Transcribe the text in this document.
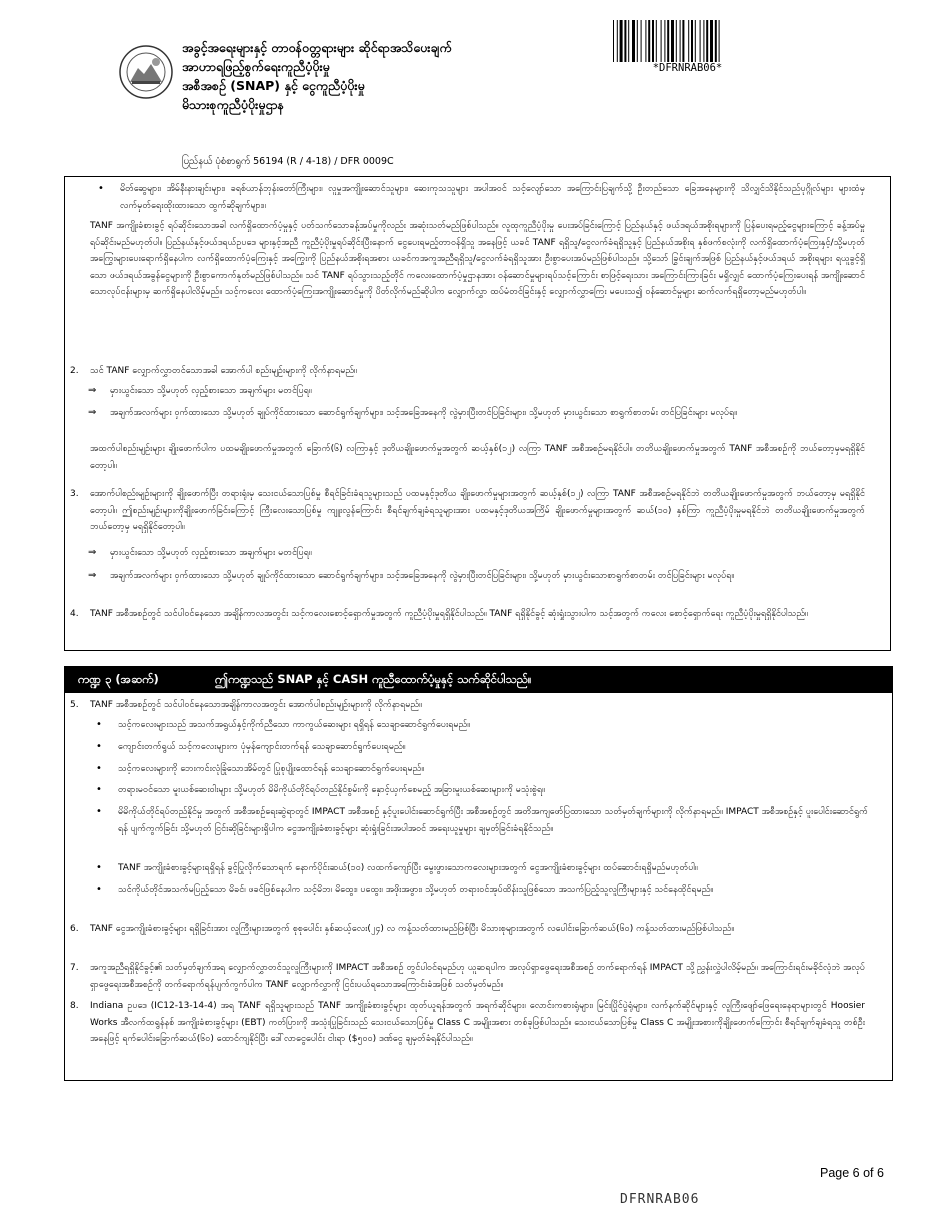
အခွင့်အရေးများနှင့် တာဝန်ဝတ္တရားများ ဆိုင်ရာအသိပေးချက်
အာဟာရဖြည့်စွက်ရေးကူညီပံ့ပိုးမှု
အစီအစဉ် (SNAP) နှင့် ငွေကူညီပံ့ပိုးမှု
မိသားစုကူညီပံ့ပိုးမှုဌာန
ပြည်နယ် ပုံစံစာရွက် 56194 (R / 4-18) / DFR 0009C
*DFRNRAB06*
• မိတ်ဆွေများ၊ အိမ်နီးနားချင်းများ၊ ခရစ်ယာန်ဘုန်းတော်ကြီးများ၊ လူမှုအကျိုးဆောင်သူများ၊ ဆေးကုသသူများ အပါအဝင် သင့်လျော်သော အကြောင်းပြချက်သို့ ဦးတည်သော ခြေအနေများကို သိလျှင်သိနိုင်သည်ပုဂ္ဂိုလ်များ များထံမှ လက်မှတ်ရေးထိုးထားသော ထွက်ဆိုချက်များ။
TANF အကျိုးခံစားခွင့် ရပ်ဆိုင်းသောအခါ လက်ရှိထောက်ပံ့မှုနှင့် ပတ်သက်သောခန့်အပ်မှုကိုလည်း အဆုံးသတ်မည်ဖြစ်ပါသည်။ လူထုကူညီပံ့ပိုးမှု ပေးအပ်ခြင်းကြောင့် ပြည်နယ်နှင့် ဖယ်ဒရယ်အစိုးရများကို ပြန်ပေးရမည့်ငွေများကြောင့် ခန့်အပ်မှုရပ်ဆိုင်းမည်မဟုတ်ပါ။ ပြည်နယ်နှင့်ဖယ်ဒရယ်ဥပဒေ များနှင့်အညီ ကူညီပံ့ပိုးမှုရပ်ဆိုင်းပြီးနောက် ငွေပေးရမည့်တာဝန်ရှိသူ အနေဖြင့် ယခင် TANF ရရှိသူ/ငွေလက်ခံရရှိသူနှင့် ပြည်နယ်အစိုးရ နှစ်ဖက်စလုံးကို လက်ရှိထောက်ပံ့ကြေးနှင့်/သို့မဟုတ် အကြွေးများပေးရောက်ရှိနေပါက လက်ရှိထောက်ပံ့ကြေးနှင့် အကြွေးကို ပြည်နယ်အစိုးရအစား ယခင်ကအကူအညီရရှိသူ/ငွေလက်ခံရရှိသူအား ဦးစွာပေးအပ်မည်ဖြစ်ပါသည်။ သို့သော် ခြွင်းချက်အဖြစ် ပြည်နယ်နှင့်ဖယ်ဒရယ် အစိုးရများ ရယူခွင့်ရှိသော ဖယ်ဒရယ်အခွန်ငွေများကို ဦးစွာကောက်နုတ်မည်ဖြစ်ပါသည်။ သင် TANF ရပ်သွားသည့်တိုင် ကလေးထောက်ပံ့မှုဌာနအား ဝန်ဆောင်မှုများရပ်သင့်ကြောင်း စာဖြင့်ရေးသား အကြောင်းကြားခြင်း မရှိလျှင် ထောက်ပံ့ကြေးပေးရန် အကျိုးဆောင်သောလုပ်ငန်းများမှ ဆက်ရှိနေပါလိမ့်မည်။ သင့်ကလေး ထောက်ပံ့ကြေးအကျိုးဆောင်မှုကို ပိတ်လိုက်မည်ဆိုပါက လျှောက်လွှာ ထပ်မံတင်ခြင်းနှင့် လျှောက်လွှာကြေး မပေးသ၍ ဝန်ဆောင်မှုများ ဆက်လက်ရရှိတော့မည်မဟုတ်ပါ။
2. သင် TANF လျှောက်လွှာတင်သောအခါ အောက်ပါ စည်းမျဉ်းများကို လိုက်နာရမည်။
⇒ မှားယွင်းသော သို့မဟုတ် လှည့်စားသော အချက်များ မတင်ပြရ။
⇒ အချက်အလက်များ ဝှက်ထားသော သို့မဟုတ် ချုပ်ကိုင်ထားသော ဆောင်ရွက်ချက်များ၊ သင့်အခြေအနေကို လွဲမှားပြီးတင်ပြခြင်းများ၊ သို့မဟုတ် မှားယွင်းသော စာရွက်စာတမ်း တင်ပြခြင်းများ မလုပ်ရ။
အထက်ပါစည်းမျဉ်းများ ချိုးဖောက်ပါက ပထမချိုးဖောက်မှုအတွက် ခြောက်(၆) လကြာနှင့် ဒုတိယချိုးဖောက်မှုအတွက် ဆယ့်နှစ်(၁၂) လကြာ TANF အစီအစဉ်မရနိုင်ပါ။ တတိယချိုးဖောက်မှုအတွက် TANF အစီအစဉ်ကို ဘယ်တော့မှမရရှိနိုင်တော့ပါ။
3. အောက်ပါစည်းမျဉ်းများကို ချိုးဖောက်ပြီး တရားရုံးမှ သေးငယ်သောပြစ်မှု စီရင်ခြင်းခံရသူများသည် ပထမနှင့်ဒုတိယ ချိုးဖောက်မှုများအတွက် ဆယ့်နှစ်(၁၂) လကြာ TANF အစီအစဉ်မရနိုင်ဘဲ တတိယချိုးဖောက်မှုအတွက် ဘယ်တော့မှ မရရှိနိုင်တော့ပါ။ ဤစည်းမျဉ်းများကိုချိုးဖောက်ခြင်းကြောင့် ကြီးလေးသောပြစ်မှု ကျူးလွန်ကြောင်း စီရင်ချက်ချခံရသူများအား ပထမနှင့်ဒုတိယအကြိမ် ချိုးဖောက်မှုများအတွက် ဆယ်(၁၀) နှစ်ကြာ ကူညီပံ့ပိုးမှုမရနိုင်ဘဲ တတိယချိုးဖောက်မှုအတွက် ဘယ်တော့မှ မရရှိနိုင်တော့ပါ။
⇒ မှားယွင်းသော သို့မဟုတ် လှည့်စားသော အချက်များ မတင်ပြရ။
⇒ အချက်အလက်များ ဝှက်ထားသော သို့မဟုတ် ချုပ်ကိုင်ထားသော ဆောင်ရွက်ချက်များ၊ သင့်အခြေအနေကို လွဲမှားပြီးတင်ပြခြင်းများ၊ သို့မဟုတ် မှားယွင်းသောစာရွက်စာတမ်း တင်ပြခြင်းများ မလုပ်ရ။
4. TANF အစီအစဉ်တွင် သင်ပါဝင်နေသော အချိန်ကာလအတွင်း သင့်ကလေးစောင့်ရှောက်မှုအတွက် ကူညီပံ့ပိုးမှုရရှိနိုင်ပါသည်။ TANF ရရှိနိုင်ခွင့် ဆုံးရှုံးသွားပါက သင့်အတွက် ကလေး စောင့်ရှောက်ရေး ကူညီပံ့ပိုးမှုရရှိနိုင်ပါသည်။
ကဏ္ဍ ၃ (အဆက်)	ဤကဏ္ဍသည် SNAP နှင့် CASH ကူညီထောက်ပံ့မှုနှင့် သက်ဆိုင်ပါသည်။
5. TANF အစီအစဉ်တွင် သင်ပါဝင်နေသောအချိန်ကာလအတွင်း အောက်ပါစည်းမျဉ်းများကို လိုက်နာရမည်။
• သင့်ကလေးများသည် အသက်အရွယ်နှင့်ကိုက်ညီသော ကာကွယ်ဆေးများ ရရှိရန် သေချာဆောင်ရွက်ပေးရမည်။
• ကျောင်းတက်ရွယ် သင့်ကလေးများက ပုံမှန်ကျောင်းတက်ရန် သေချာဆောင်ရွက်ပေးရမည်။
• သင့်ကလေးများကို ဘေးကင်းလုံခြုံသောအိမ်တွင် ပြုစုပျိုးထောင်ရန် သေချာဆောင်ရွက်ပေးရမည်။
• တရားမဝင်သော မူးယစ်ဆေးဝါးများ သို့မဟုတ် မိမိကိုယ်တိုင်ရပ်တည်နိုင်စွမ်းကို နှောင့်ယှက်စေမည့် အခြားမူးယစ်ဆေးများကို မသုံးစွဲရ။
• မိမိကိုယ်တိုင်ရပ်တည်နိုင်မှု အတွက် အစီအစဉ်ရေးဆွဲရာတွင် IMPACT အစီအစဉ် နှင့်ပူးပေါင်းဆောင်ရွက်ပြီး အစီအစဉ်တွင် အတိအကျဖော်ပြထားသော သတ်မှတ်ချက်များကို လိုက်နာရမည်။ IMPACT အစီအစဉ်နှင့် ပူးပေါင်းဆောင်ရွက်ရန် ပျက်ကွက်ခြင်း သို့မဟုတ် ငြင်းဆိုခြင်းများရှိပါက ငွေအကျိုးခံစားခွင့်များ ဆုံးရှုံးခြင်းအပါအဝင် အရေးယူမှုများ ချမှတ်ခြင်းခံရနိုင်သည်။
• TANF အကျိုးခံစားခွင့်များရရှိရန် ခွင့်ပြုလိုက်သောရက် နောက်ပိုင်းဆယ်(၁၀) လထက်ကျော်ပြီး မွေးဖွားသောကလေးများအတွက် ငွေအကျိုးခံစားခွင့်များ ထပ်ဆောင်းရရှိမည်မဟုတ်ပါ။
• သင်ကိုယ်တိုင်အသက်မပြည့်သော မိခင်၊ ဖခင်ဖြစ်နေပါက သင့်မိဘ၊ မိထွေး၊ ပထွေး၊ အဖိုးအဖွား၊ သို့မဟုတ် တရားဝင်အုပ်ထိန်းသူဖြစ်သော အသက်ပြည့်သူလူကြီးများနှင့် သင်နေထိုင်ရမည်။
6. TANF ငွေအကျိုးခံစားခွင့်များ ရရှိခြင်းအား လူကြီးများအတွက် စုစုပေါင်း နှစ်ဆယ့်လေး(၂၄) လ ကန့်သတ်ထားမည်ဖြစ်ပြီး မိသားစုများအတွက် လပေါင်းခြောက်ဆယ်(၆၀) ကန့်သတ်ထားမည်ဖြစ်ပါသည်။
7. အကူအညီရရှိနိုင်ခွင့်၏ သတ်မှတ်ချက်အရ လျှောက်လွှာတင်သူလူကြီးများကို IMPACT အစီအစဉ် တွင်ပါဝင်ရမည်ဟု ယူဆရပါက အလုပ်ရှာဖွေရေးအစီအစဉ် တက်ရောက်ရန် IMPACT သို့ညွှန်းလွှဲပါလိမ့်မည်။ အကြောင်းရင်းမခိုင်လုံဘဲ အလုပ်ရှာဖွေရေးအစီအစဉ်ကို တက်ရောက်ရန်ပျက်ကွက်ပါက TANF လျှောက်လွှာကို ငြင်းပယ်ရသောအကြောင်းခံအဖြစ် သတ်မှတ်မည်။
8. Indiana ဥပဒေ (IC12-13-14-4) အရ TANF ရရှိသူများသည် TANF အကျိုးခံစားခွင့်များ ထုတ်ယူရန်အတွက် အရက်ဆိုင်များ၊ လောင်းကစားရုံများ၊ မြင်းပြိုင်ပွဲရုံများ၊ လက်နက်ဆိုင်များနှင့် လူကြီးဖျော်ဖြေရေးနေရာများတွင် Hoosier Works အီလက်ထရွန်နစ် အကျိုးခံစားခွင့်များ (EBT) ကတ်ပြားကို အသုံးပြုခြင်းသည် သေးငယ်သောပြစ်မှု Class C အမျိုးအစား တစ်ခုဖြစ်ပါသည်။ သေးငယ်သောပြစ်မှု Class C အမျိုးအစားကိုချိုးဖောက်ကြောင်း စီရင်ချက်ချခံရသူ တစ်ဦးအနေဖြင့် ရက်ပေါင်းခြောက်ဆယ်(၆၀) ထောင်ကျနိုင်ပြီး ဒေါ်လာငွေပေါင်း ငါးရာ ($၅၀၀) ဒဏ်ငွေ ချမှတ်ခံရနိုင်ပါသည်။
Page 6 of 6
DFRNRAB06
